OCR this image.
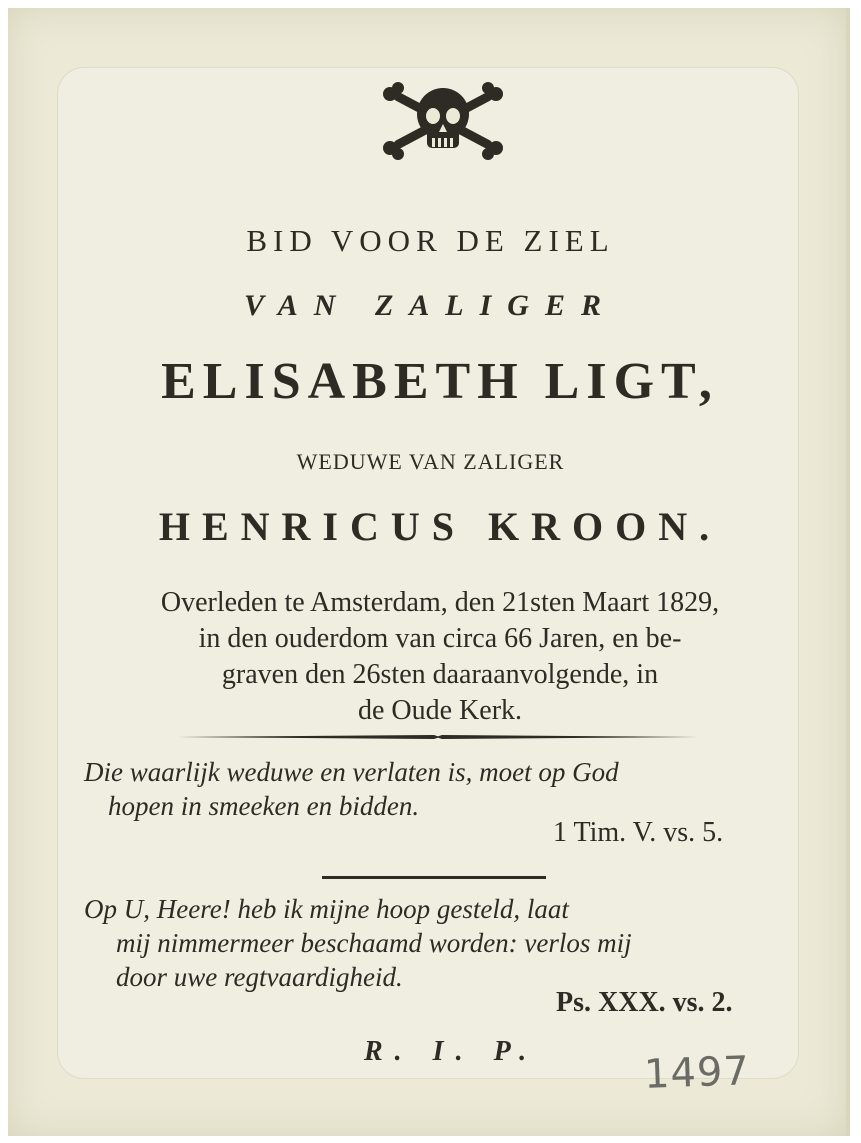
BID VOOR DE ZIEL
VAN ZALIGER
ELISABETH LIGT,
WEDUWE VAN ZALIGER
HENRICUS KROON.
Overleden te Amsterdam, den 21sten Maart 1829,
in den ouderdom van circa 66 Jaren, en be-
graven den 26sten daaraanvolgende, in
de Oude Kerk.
Die waarlijk weduwe en verlaten is, moet op God
hopen in smeeken en bidden.
1 Tim. V. vs. 5.
Op U, Heere! heb ik mijne hoop gesteld, laat
mij nimmermeer beschaamd worden: verlos mij
door uwe regtvaardigheid.
Ps. XXX. vs. 2.
R. I. P.	1497
